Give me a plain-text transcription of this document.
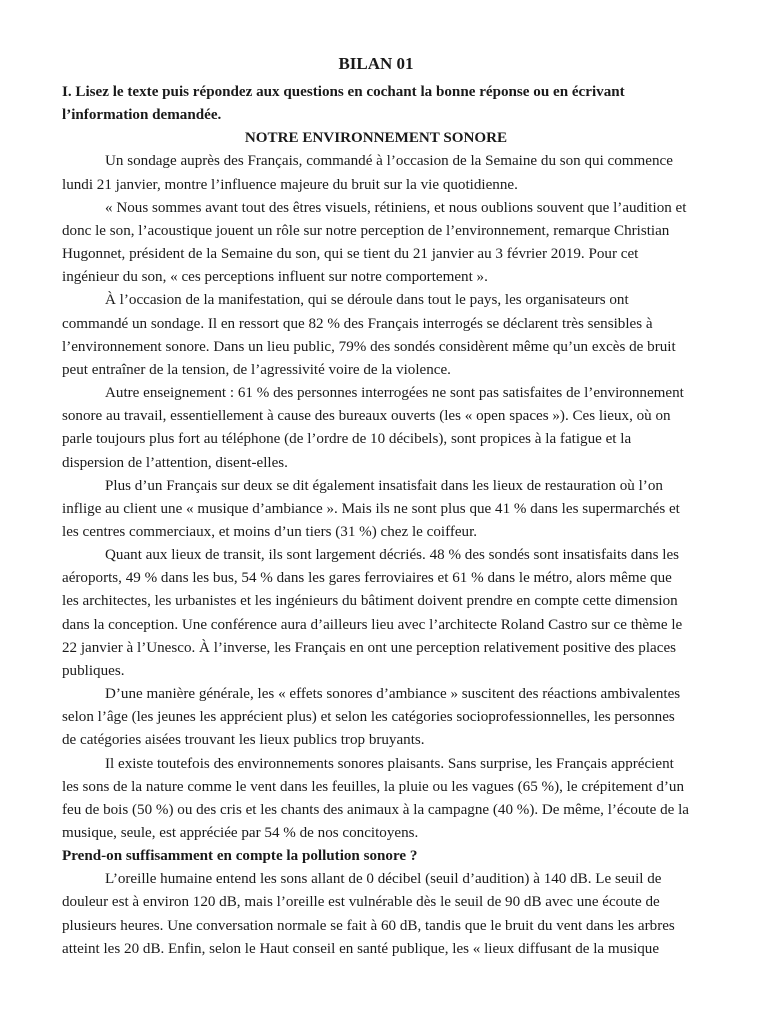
BILAN 01

I. Lisez le texte puis répondez aux questions en cochant la bonne réponse ou en écrivant l’information demandée.

NOTRE ENVIRONNEMENT SONORE

Un sondage auprès des Français, commandé à l’occasion de la Semaine du son qui commence lundi 21 janvier, montre l’influence majeure du bruit sur la vie quotidienne.

« Nous sommes avant tout des êtres visuels, rétiniens, et nous oublions souvent que l’audition et donc le son, l’acoustique jouent un rôle sur notre perception de l’environnement, remarque Christian Hugonnet, président de la Semaine du son, qui se tient du 21 janvier au 3 février 2019. Pour cet ingénieur du son, « ces perceptions influent sur notre comportement ».

À l’occasion de la manifestation, qui se déroule dans tout le pays, les organisateurs ont commandé un sondage. Il en ressort que 82 % des Français interrogés se déclarent très sensibles à l’environnement sonore. Dans un lieu public, 79% des sondés considèrent même qu’un excès de bruit peut entraîner de la tension, de l’agressivité voire de la violence.

Autre enseignement : 61 % des personnes interrogées ne sont pas satisfaites de l’environnement sonore au travail, essentiellement à cause des bureaux ouverts (les « open spaces »). Ces lieux, où on parle toujours plus fort au téléphone (de l’ordre de 10 décibels), sont propices à la fatigue et la dispersion de l’attention, disent-elles.

Plus d’un Français sur deux se dit également insatisfait dans les lieux de restauration où l’on inflige au client une « musique d’ambiance ». Mais ils ne sont plus que 41 % dans les supermarchés et les centres commerciaux, et moins d’un tiers (31 %) chez le coiffeur.

Quant aux lieux de transit, ils sont largement décriés. 48 % des sondés sont insatisfaits dans les aéroports, 49 % dans les bus, 54 % dans les gares ferroviaires et 61 % dans le métro, alors même que les architectes, les urbanistes et les ingénieurs du bâtiment doivent prendre en compte cette dimension dans la conception. Une conférence aura d’ailleurs lieu avec l’architecte Roland Castro sur ce thème le 22 janvier à l’Unesco. À l’inverse, les Français en ont une perception relativement positive des places publiques.

D’une manière générale, les « effets sonores d’ambiance » suscitent des réactions ambivalentes selon l’âge (les jeunes les apprécient plus) et selon les catégories socioprofessionnelles, les personnes de catégories aisées trouvant les lieux publics trop bruyants.

Il existe toutefois des environnements sonores plaisants. Sans surprise, les Français apprécient les sons de la nature comme le vent dans les feuilles, la pluie ou les vagues (65 %), le crépitement d’un feu de bois (50 %) ou des cris et les chants des animaux à la campagne (40 %). De même, l’écoute de la musique, seule, est appréciée par 54 % de nos concitoyens.

Prend-on suffisamment en compte la pollution sonore ?

L’oreille humaine entend les sons allant de 0 décibel (seuil d’audition) à 140 dB. Le seuil de douleur est à environ 120 dB, mais l’oreille est vulnérable dès le seuil de 90 dB avec une écoute de plusieurs heures. Une conversation normale se fait à 60 dB, tandis que le bruit du vent dans les arbres atteint les 20 dB. Enfin, selon le Haut conseil en santé publique, les « lieux diffusant de la musique
